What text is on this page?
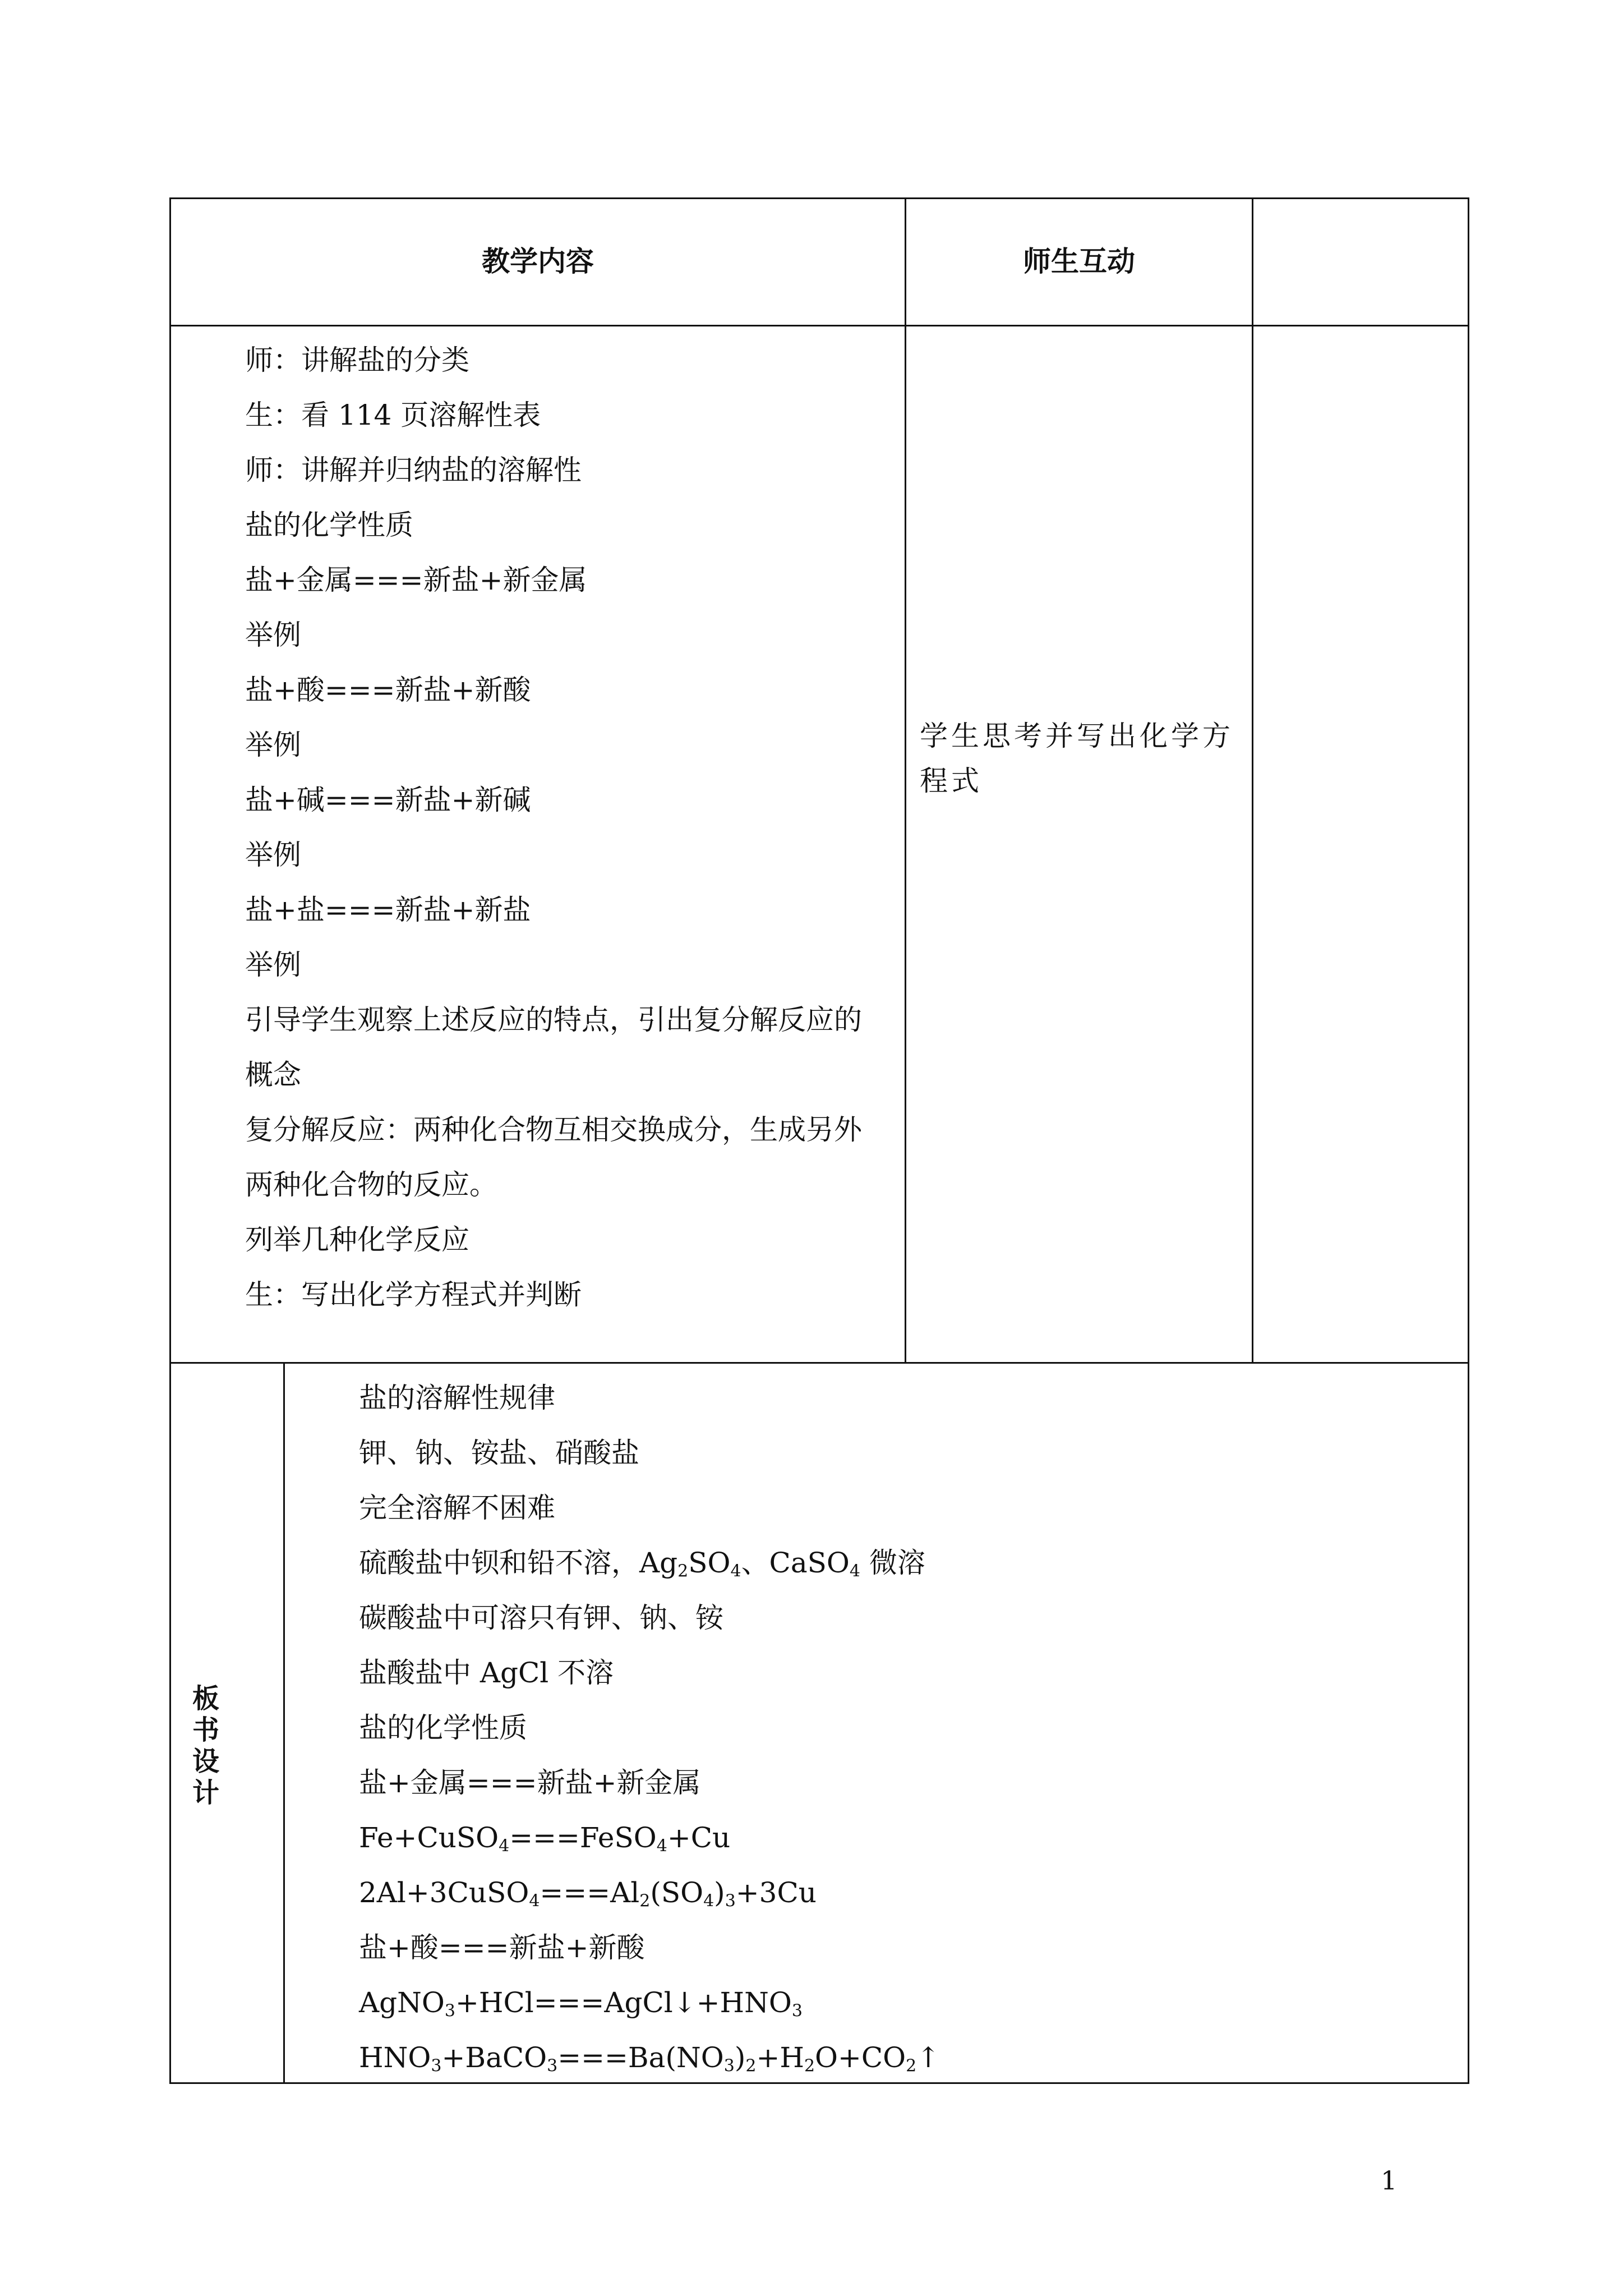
教学内容	师生互动
师：讲解盐的分类
生：看 114 页溶解性表
师：讲解并归纳盐的溶解性
盐的化学性质
盐+金属===新盐+新金属
举例
盐+酸===新盐+新酸
举例
盐+碱===新盐+新碱
举例
盐+盐===新盐+新盐
举例
引导学生观察上述反应的特点，引出复分解反应的
概念
复分解反应：两种化合物互相交换成分，生成另外
两种化合物的反应。
列举几种化学反应
生：写出化学方程式并判断
学生思考并写出化学方程式
板书
设计
盐的溶解性规律
钾、钠、铵盐、硝酸盐
完全溶解不困难
硫酸盐中钡和铅不溶，$Ag_2SO_4$、CaSO$_4$ 微溶
碳酸盐中可溶只有钾、钠、铵
盐酸盐中 AgCl 不溶
盐的化学性质
盐+金属===新盐+新金属
Fe+CuSO$_4$===FeSO$_4$+Cu
$2Al+3CuSO_4===Al_2(SO_4)_3+3Cu$
盐+酸===新盐+新酸
$AgNO_3+HCl===AgCl↓+HNO_3$
$HNO_3+BaCO_3===Ba(NO_3)_2+H_2O+CO_2↑$
1
